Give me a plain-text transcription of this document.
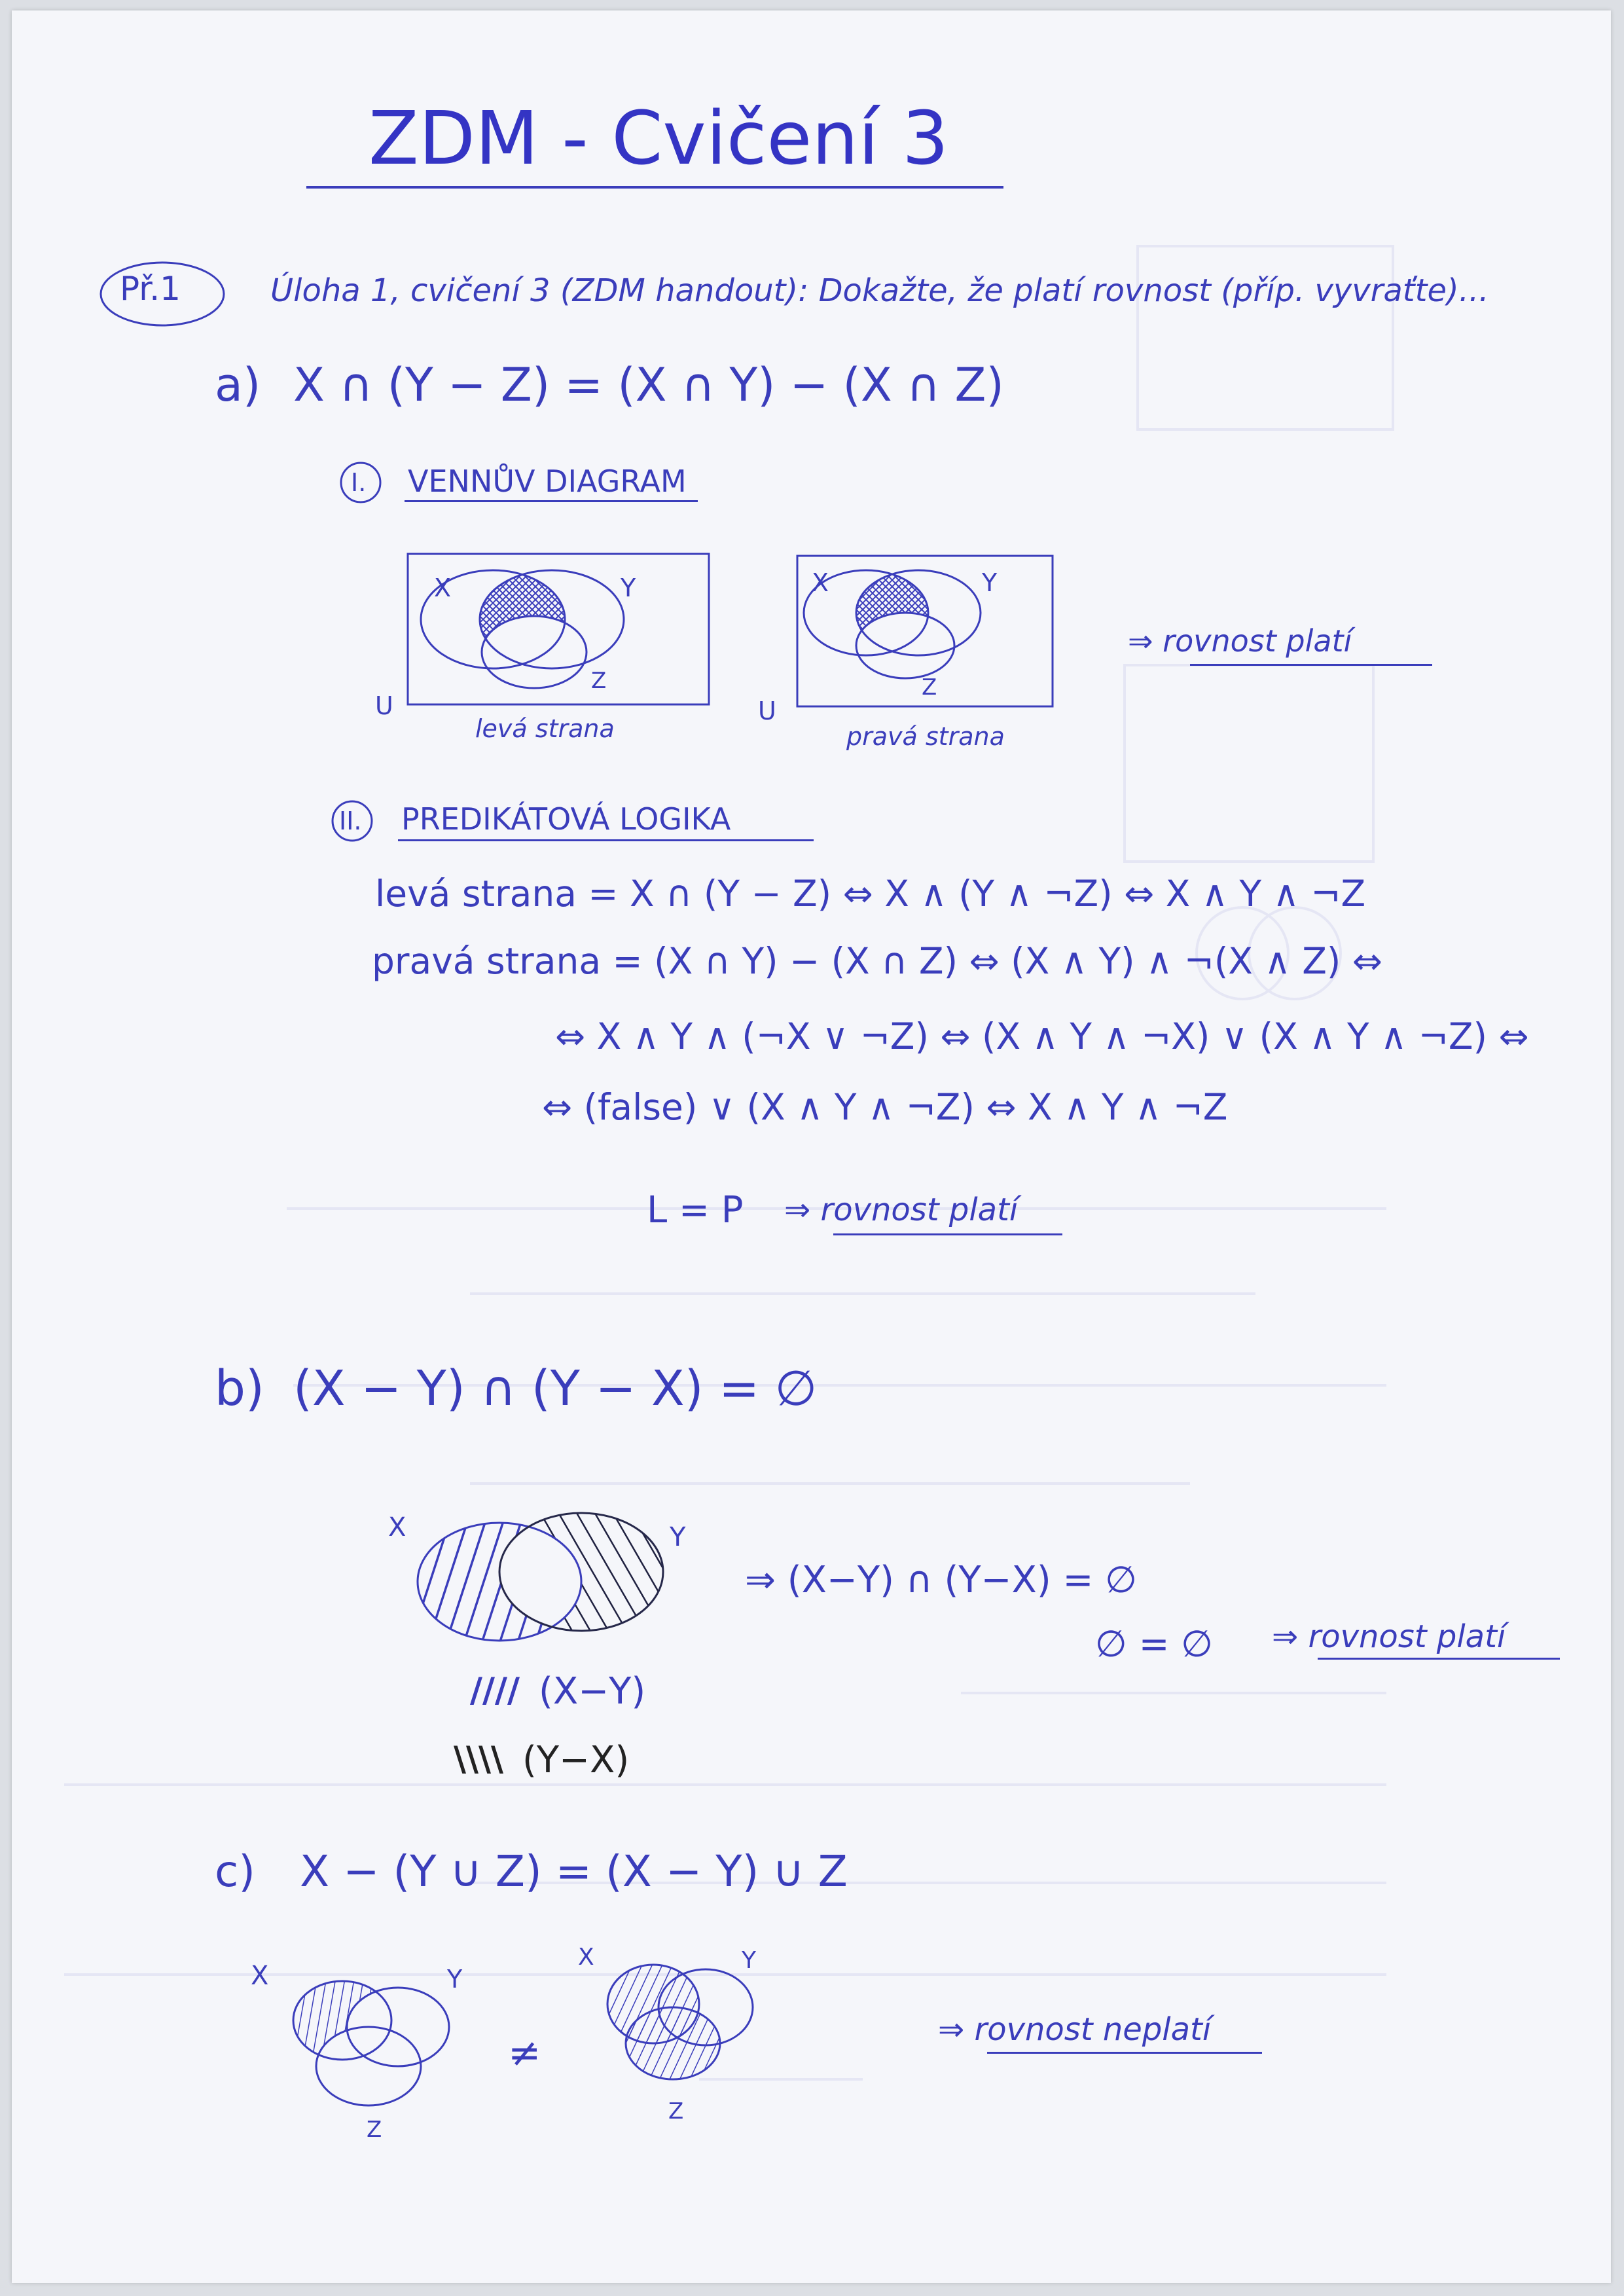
ZDM - Cvičení 3
Př.1	Úloha 1, cvičení 3 (ZDM handout): Dokažte, že platí rovnost (příp. vyvraťte)...
a) X ∩ (Y − Z) = (X ∩ Y) − (X ∩ Z)
I. VENNŮV DIAGRAM
X	Y
Z
U
levá strana
X	Y
Z
U
pravá strana
⇒ rovnost platí
II. PREDIKÁTOVÁ LOGIKA
levá strana = X ∩ (Y − Z) ⇔ X ∧ (Y ∧ ¬Z) ⇔ X ∧ Y ∧ ¬Z
pravá strana = (X ∩ Y) − (X ∩ Z) ⇔ (X ∧ Y) ∧ ¬(X ∧ Z) ⇔
⇔ X ∧ Y ∧ (¬X ∨ ¬Z) ⇔ (X ∧ Y ∧ ¬X) ∨ (X ∧ Y ∧ ¬Z) ⇔
⇔ (false) ∨ (X ∧ Y ∧ ¬Z) ⇔ X ∧ Y ∧ ¬Z
L = P ⇒ rovnost platí
b) (X − Y) ∩ (Y − X) = ∅
X	Y
⇒ (X−Y) ∩ (Y−X) = ∅
∅ = ∅ ⇒ rovnost platí
//// (X−Y)
\\\\ (Y−X)
c) X − (Y ∪ Z) = (X − Y) ∪ Z
X	Y
Z
≠
X	Y
Z
⇒ rovnost neplatí
